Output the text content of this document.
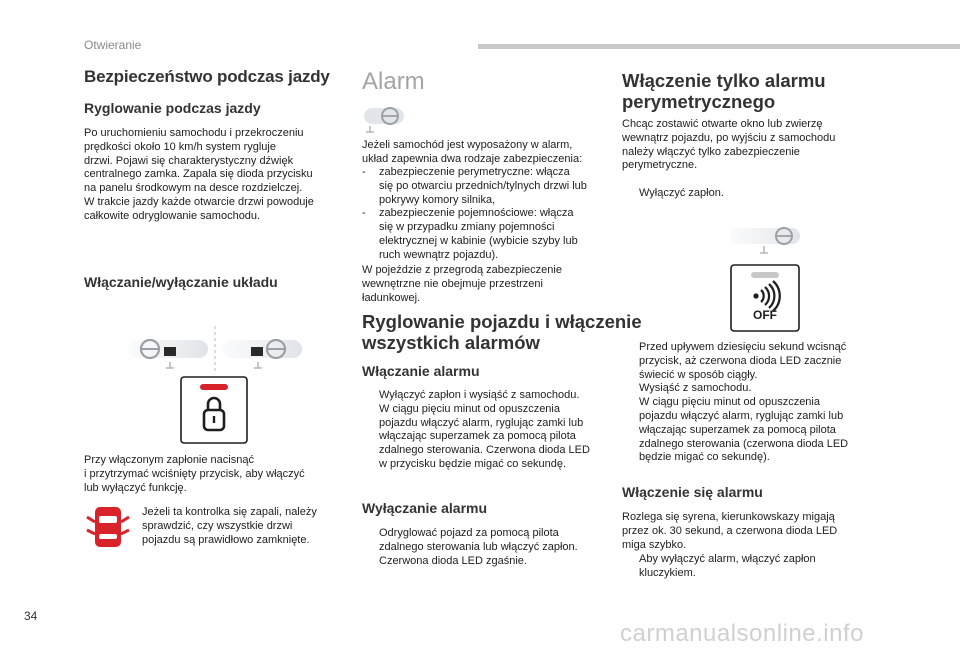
Otwieranie
Bezpieczeństwo podczas jazdy
Ryglowanie podczas jazdy
Po uruchomieniu samochodu i przekroczeniu
prędkości około 10 km/h system rygluje
drzwi. Pojawi się charakterystyczny dźwięk
centralnego zamka. Zapala się dioda przycisku
na panelu środkowym na desce rozdzielczej.
W trakcie jazdy każde otwarcie drzwi powoduje
całkowite odryglowanie samochodu.
Włączanie/wyłączanie układu
Przy włączonym zapłonie nacisnąć
i przytrzymać wciśnięty przycisk, aby włączyć
lub wyłączyć funkcję.
Jeżeli ta kontrolka się zapali, należy
sprawdzić, czy wszystkie drzwi
pojazdu są prawidłowo zamknięte.
Alarm
Jeżeli samochód jest wyposażony w alarm,
układ zapewnia dwa rodzaje zabezpieczenia:
- zabezpieczenie perymetryczne: włącza
się po otwarciu przednich/tylnych drzwi lub
pokrywy komory silnika,
- zabezpieczenie pojemnościowe: włącza
się w przypadku zmiany pojemności
elektrycznej w kabinie (wybicie szyby lub
ruch wewnątrz pojazdu).
W pojeździe z przegrodą zabezpieczenie
wewnętrzne nie obejmuje przestrzeni
ładunkowej.
Ryglowanie pojazdu i włączenie
wszystkich alarmów
Włączanie alarmu
Wyłączyć zapłon i wysiąść z samochodu.
W ciągu pięciu minut od opuszczenia
pojazdu włączyć alarm, ryglując zamki lub
włączając superzamek za pomocą pilota
zdalnego sterowania. Czerwona dioda LED
w przycisku będzie migać co sekundę.
Wyłączanie alarmu
Odryglować pojazd za pomocą pilota
zdalnego sterowania lub włączyć zapłon.
Czerwona dioda LED zgaśnie.
Włączenie tylko alarmu
perymetrycznego
Chcąc zostawić otwarte okno lub zwierzę
wewnątrz pojazdu, po wyjściu z samochodu
należy włączyć tylko zabezpieczenie
perymetryczne.
Wyłączyć zapłon.
OFF
Przed upływem dziesięciu sekund wcisnąć
przycisk, aż czerwona dioda LED zacznie
świecić w sposób ciągły.
Wysiąść z samochodu.
W ciągu pięciu minut od opuszczenia
pojazdu włączyć alarm, ryglując zamki lub
włączając superzamek za pomocą pilota
zdalnego sterowania (czerwona dioda LED
będzie migać co sekundę).
Włączenie się alarmu
Rozlega się syrena, kierunkowskazy migają
przez ok. 30 sekund, a czerwona dioda LED
miga szybko.
Aby wyłączyć alarm, włączyć zapłon
kluczykiem.
34
carmanualsonline.info
